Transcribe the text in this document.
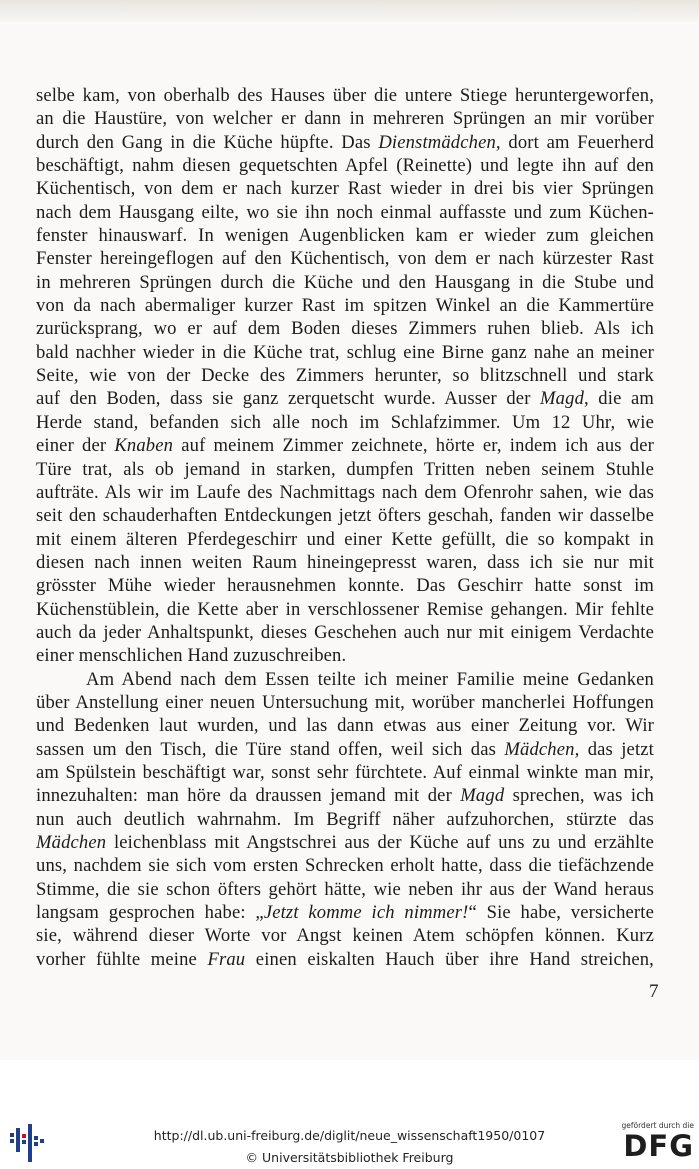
selbe kam, von oberhalb des Hauses über die untere Stiege heruntergeworfen,
an die Haustüre, von welcher er dann in mehreren Sprüngen an mir vorüber
durch den Gang in die Küche hüpfte. Das Dienstmädchen, dort am Feuerherd
beschäftigt, nahm diesen gequetschten Apfel (Reinette) und legte ihn auf den
Küchentisch, von dem er nach kurzer Rast wieder in drei bis vier Sprüngen
nach dem Hausgang eilte, wo sie ihn noch einmal auffasste und zum Küchen-
fenster hinauswarf. In wenigen Augenblicken kam er wieder zum gleichen
Fenster hereingeflogen auf den Küchentisch, von dem er nach kürzester Rast
in mehreren Sprüngen durch die Küche und den Hausgang in die Stube und
von da nach abermaliger kurzer Rast im spitzen Winkel an die Kammertüre
zurücksprang, wo er auf dem Boden dieses Zimmers ruhen blieb. Als ich
bald nachher wieder in die Küche trat, schlug eine Birne ganz nahe an meiner
Seite, wie von der Decke des Zimmers herunter, so blitzschnell und stark
auf den Boden, dass sie ganz zerquetscht wurde. Ausser der Magd, die am
Herde stand, befanden sich alle noch im Schlafzimmer. Um 12 Uhr, wie
einer der Knaben auf meinem Zimmer zeichnete, hörte er, indem ich aus der
Türe trat, als ob jemand in starken, dumpfen Tritten neben seinem Stuhle
aufträte. Als wir im Laufe des Nachmittags nach dem Ofenrohr sahen, wie das
seit den schauderhaften Entdeckungen jetzt öfters geschah, fanden wir dasselbe
mit einem älteren Pferdegeschirr und einer Kette gefüllt, die so kompakt in
diesen nach innen weiten Raum hineingepresst waren, dass ich sie nur mit
grösster Mühe wieder herausnehmen konnte. Das Geschirr hatte sonst im
Küchenstüblein, die Kette aber in verschlossener Remise gehangen. Mir fehlte
auch da jeder Anhaltspunkt, dieses Geschehen auch nur mit einigem Verdachte
einer menschlichen Hand zuzuschreiben.
Am Abend nach dem Essen teilte ich meiner Familie meine Gedanken
über Anstellung einer neuen Untersuchung mit, worüber mancherlei Hoffungen
und Bedenken laut wurden, und las dann etwas aus einer Zeitung vor. Wir
sassen um den Tisch, die Türe stand offen, weil sich das Mädchen, das jetzt
am Spülstein beschäftigt war, sonst sehr fürchtete. Auf einmal winkte man mir,
innezuhalten: man höre da draussen jemand mit der Magd sprechen, was ich
nun auch deutlich wahrnahm. Im Begriff näher aufzuhorchen, stürzte das
Mädchen leichenblass mit Angstschrei aus der Küche auf uns zu und erzählte
uns, nachdem sie sich vom ersten Schrecken erholt hatte, dass die tiefächzende
Stimme, die sie schon öfters gehört hätte, wie neben ihr aus der Wand heraus
langsam gesprochen habe: „Jetzt komme ich nimmer!“ Sie habe, versicherte
sie, während dieser Worte vor Angst keinen Atem schöpfen können. Kurz
vorher fühlte meine Frau einen eiskalten Hauch über ihre Hand streichen,
7
http://dl.ub.uni-freiburg.de/diglit/neue_wissenschaft1950/0107
© Universitätsbibliothek Freiburg
gefördert durch die
DFG
